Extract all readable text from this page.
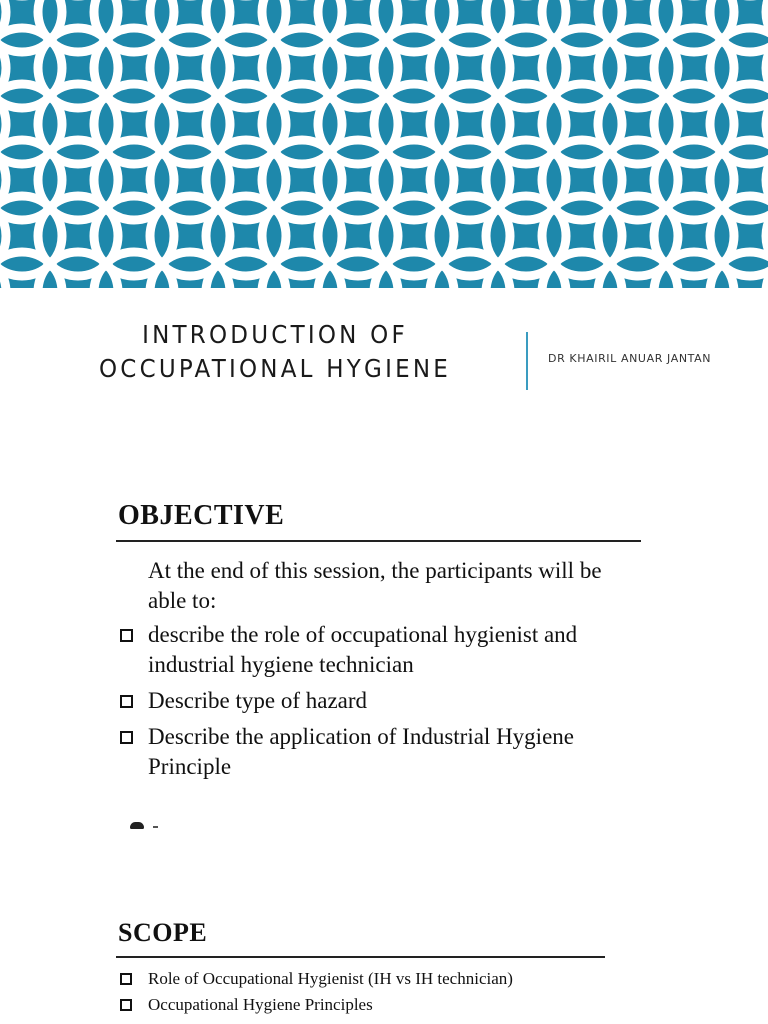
INTRODUCTION OF OCCUPATIONAL HYGIENE	DR KHAIRIL ANUAR JANTAN
OBJECTIVE
At the end of this session, the participants will be able to:
describe the role of occupational hygienist and industrial hygiene technician
Describe type of hazard
Describe the application of Industrial Hygiene Principle
SCOPE
Role of Occupational Hygienist (IH vs IH technician)
Occupational Hygiene Principles
